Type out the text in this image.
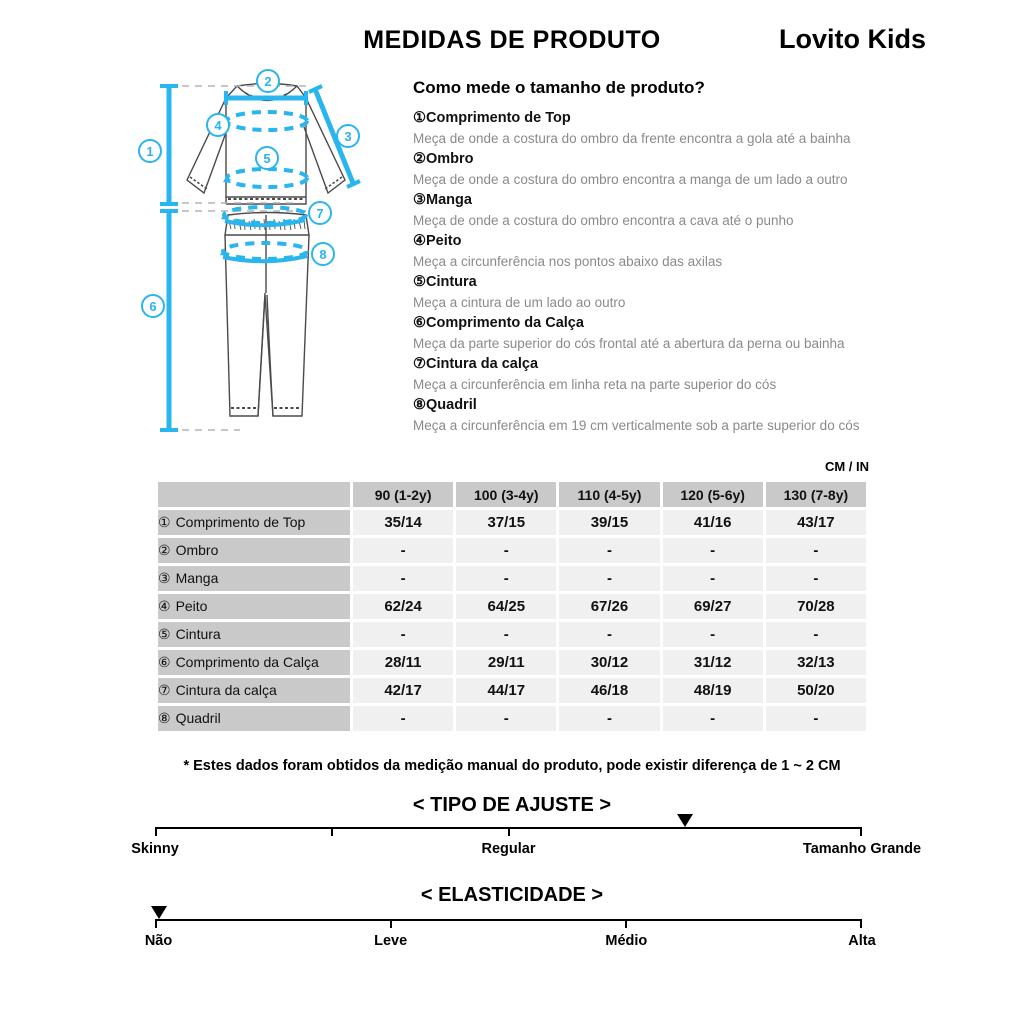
MEDIDAS DE PRODUTO	Lovito Kids
1
2
3
4
5
6
7
8

Como mede o tamanho de produto?

①Comprimento de Top
Meça de onde a costura do ombro da frente encontra a gola até a bainha
②Ombro
Meça de onde a costura do ombro encontra a manga de um lado a outro
③Manga
Meça de onde a costura do ombro encontra a cava até o punho
④Peito
Meça a circunferência nos pontos abaixo das axilas
⑤Cintura
Meça a cintura de um lado ao outro
⑥Comprimento da Calça
Meça da parte superior do cós frontal até a abertura da perna ou bainha
⑦Cintura da calça
Meça a circunferência em linha reta na parte superior do cós
⑧Quadril
Meça a circunferência em 19 cm verticalmente sob a parte superior do cós
CM / IN
	90 (1-2y)	100 (3-4y)	110 (4-5y)	120 (5-6y)	130 (7-8y)
① Comprimento de Top	35/14	37/15	39/15	41/16	43/17
② Ombro	-	-	-	-	-
③ Manga	-	-	-	-	-
④ Peito	62/24	64/25	67/26	69/27	70/28
⑤ Cintura	-	-	-	-	-
⑥ Comprimento da Calça	28/11	29/11	30/12	31/12	32/13
⑦ Cintura da calça	42/17	44/17	46/18	48/19	50/20
⑧ Quadril	-	-	-	-	-
* Estes dados foram obtidos da medição manual do produto, pode existir diferença de 1 ~ 2 CM
< TIPO DE AJUSTE >
Skinny	Regular	Tamanho Grande
< ELASTICIDADE >
Não	Leve	Médio	Alta
